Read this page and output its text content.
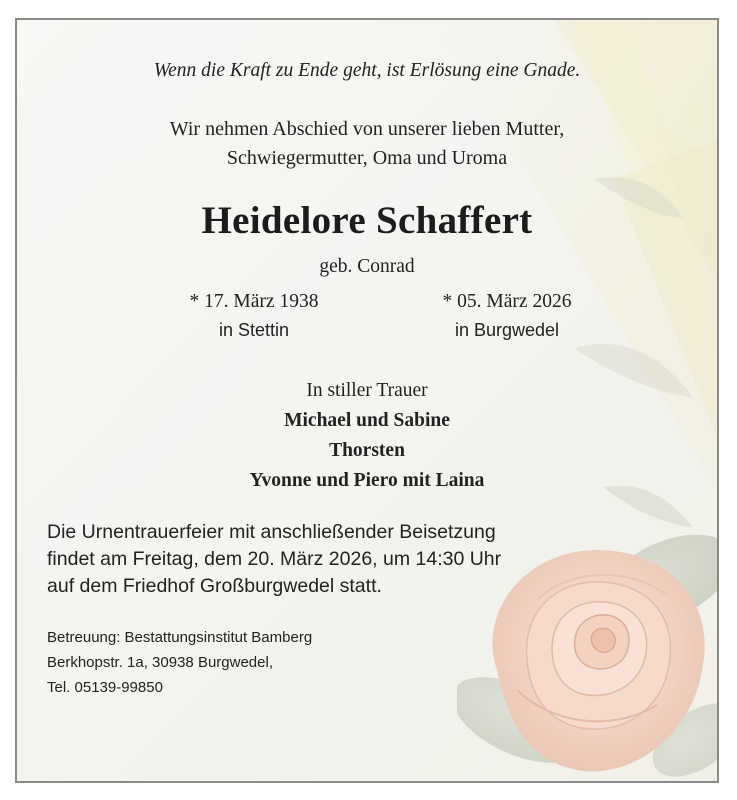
Wenn die Kraft zu Ende geht, ist Erlösung eine Gnade.
Wir nehmen Abschied von unserer lieben Mutter,
Schwiegermutter, Oma und Uroma
Heidelore Schaffert
geb. Conrad
* 17. März 1938
in Stettin
* 05. März 2026
in Burgwedel
In stiller Trauer
Michael und Sabine
Thorsten
Yvonne und Piero mit Laina
Die Urnentrauerfeier mit anschließender Beisetzung
findet am Freitag, dem 20. März 2026, um 14:30 Uhr
auf dem Friedhof Großburgwedel statt.
Betreuung: Bestattungsinstitut Bamberg
Berkhopstr. 1a, 30938 Burgwedel,
Tel. 05139-99850
